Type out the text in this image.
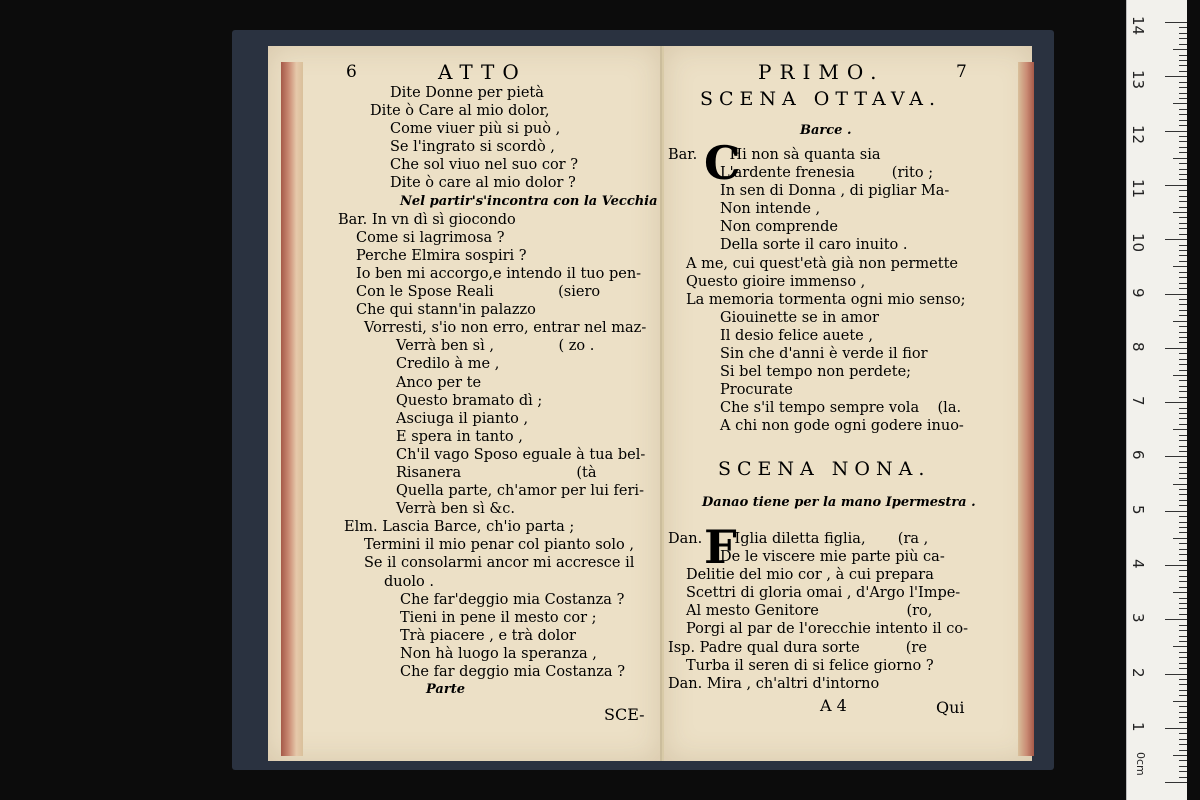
6	ATTO
Dite Donne per pietà
Dite ò Care al mio dolor,
Come viuer più si può ,
Se l'ingrato si scordò ,
Che sol viuo nel suo cor ?
Dite ò care al mio dolor ?
Nel partir's'incontra con la Vecchia
Bar. In vn dì sì giocondo
Come si lagrimosa ?
Perche Elmira sospiri ?
Io ben mi accorgo,e intendo il tuo pen-
Con le Spose Reali              (siero
Che qui stann'in palazzo
Vorresti, s'io non erro, entrar nel maz-
Verrà ben sì ,              ( zo .
Credilo à me ,
Anco per te
Questo bramato dì ;
Asciuga il pianto ,
E spera in tanto ,
Ch'il vago Sposo eguale à tua bel-
Risanera                         (tà
Quella parte, ch'amor per lui feri-
Verrà ben sì &c.
Elm. Lascia Barce, ch'io parta ;
Termini il mio penar col pianto solo ,
Se il consolarmi ancor mi accresce il
duolo .
Che far'deggio mia Costanza ?
Tieni in pene il mesto cor ;
Trà piacere , e trà dolor
Non hà luogo la speranza ,
Che far deggio mia Costanza ?
Parte
SCE-
PRIMO.	7
SCENA OTTAVA.
Barce .
C
Bar.       Hi non sà quanta sia
L'ardente frenesia        (rito ;
In sen di Donna , di pigliar Ma-
Non intende ,
Non comprende
Della sorte il caro inuito .
A me, cui quest'età già non permette
Questo gioire immenso ,
La memoria tormenta ogni mio senso;
Giouinette se in amor
Il desio felice auete ,
Sin che d'anni è verde il fior
Si bel tempo non perdete;
Procurate
Che s'il tempo sempre vola    (la.
A chi non gode ogni godere inuo-
SCENA NONA.
Danao tiene per la mano Ipermestra .
F
Dan.       Iglia diletta figlia,       (ra ,
De le viscere mie parte più ca-
Delitie del mio cor , à cui prepara
Scettri di gloria omai , d'Argo l'Impe-
Al mesto Genitore                   (ro,
Porgi al par de l'orecchie intento il co-
Isp. Padre qual dura sorte          (re
Turba il seren di si felice giorno ?
Dan. Mira , ch'altri d'intorno
A 4	Qui
14
13
12
11
10
9
8
7
6
5
4
3
2
1
0cm
